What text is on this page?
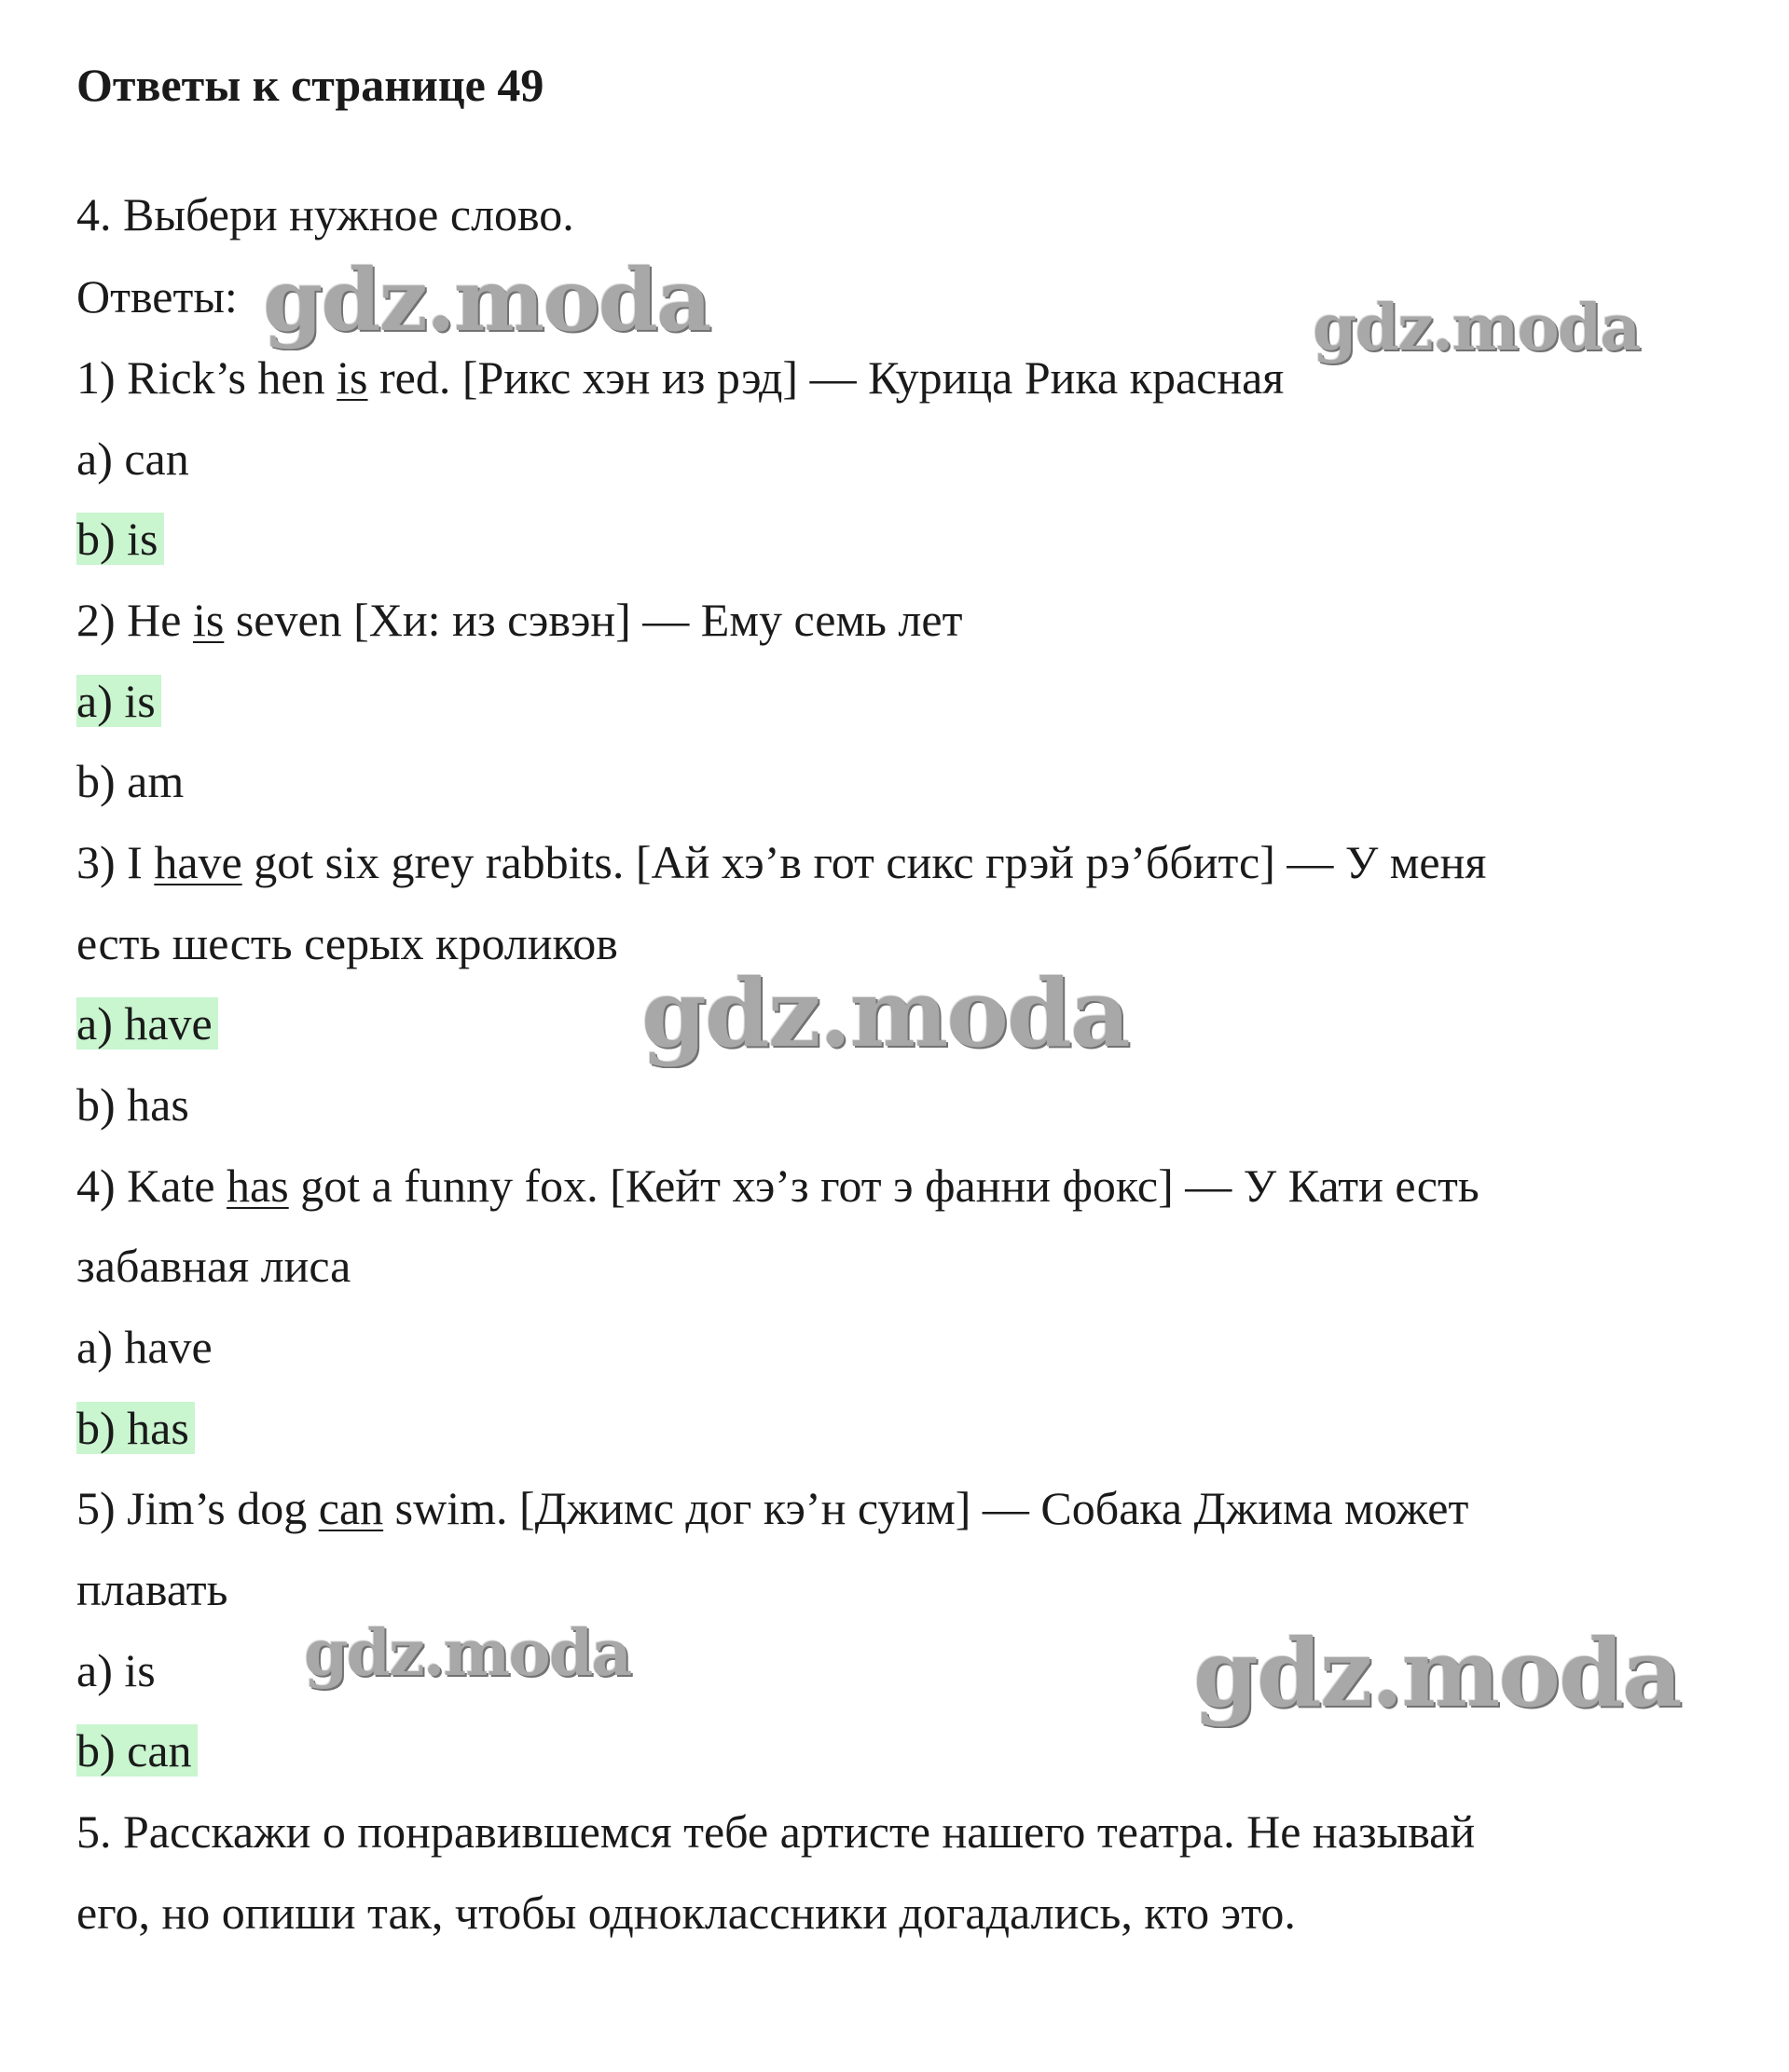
Ответы к странице 49
4. Выбери нужное слово.
Ответы:
1) Rick’s hen is red. [Рикс хэн из рэд] — Курица Рика красная
a) can
b) is
2) He is seven [Хи: из сэвэн] — Ему семь лет
a) is
b) am
3) I have got six grey rabbits. [Ай хэ’в гот сикс грэй рэ’ббитс] — У меня
есть шесть серых кроликов
a) have
b) has
4) Kate has got a funny fox. [Кейт хэ’з гот э фанни фокс] — У Кати есть
забавная лиса
a) have
b) has
5) Jim’s dog can swim. [Джимс дог кэ’н суим] — Собака Джима может
плавать
a) is
b) can
5. Расскажи о понравившемся тебе артисте нашего театра. Не называй
его, но опиши так, чтобы одноклассники догадались, кто это.
gdz.moda	gdz.moda
gdz.moda
gdz.moda	gdz.moda
